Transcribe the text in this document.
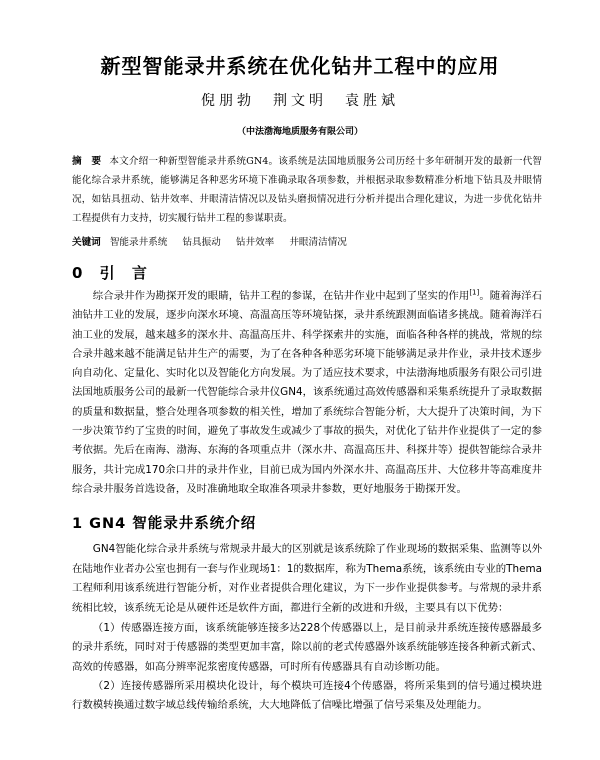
新型智能录井系统在优化钻井工程中的应用
倪朋勃　荆文明　袁胜斌
（中法渤海地质服务有限公司）
摘　要 本文介绍一种新型智能录井系统GN4。该系统是法国地质服务公司历经十多年研制开发的最新一代智能化综合录井系统，能够满足各种恶劣环境下准确录取各项参数，并根据录取参数精准分析地下钻具及井眼情况，如钻具扭动、钻井效率、井眼清洁情况以及钻头磨损情况进行分析并提出合理化建议，为进一步优化钻井工程提供有力支持，切实履行钻井工程的参谋职责。
关键词 智能录井系统 钻具振动 钻井效率 井眼清洁情况
0 引 言
综合录井作为勘探开发的眼睛，钻井工程的参谋，在钻井作业中起到了坚实的作用[1]。随着海洋石油钻井工业的发展，逐步向深水环境、高温高压等环境钻探，录井系统跟测面临诸多挑战。随着海洋石油工业的发展，越来越多的深水井、高温高压井、科学探索井的实施，面临各种各样的挑战，常规的综合录井越来越不能满足钻井生产的需要，为了在各种各种恶劣环境下能够满足录井作业，录井技术逐步向自动化、定量化、实时化以及智能化方向发展。为了适应技术要求，中法渤海地质服务有限公司引进法国地质服务公司的最新一代智能综合录井仪GN4，该系统通过高效传感器和采集系统提升了录取数据的质量和数据量，整合处理各项参数的相关性，增加了系统综合智能分析，大大提升了决策时间，为下一步决策节约了宝贵的时间，避免了事故发生或减少了事故的损失，对优化了钻井作业提供了一定的参考依据。先后在南海、渤海、东海的各项重点井（深水井、高温高压井、科探井等）提供智能综合录井服务，共计完成170余口井的录井作业，目前已成为国内外深水井、高温高压井、大位移井等高难度井综合录井服务首选设备，及时准确地取全取准各项录井参数，更好地服务于勘探开发。
1 GN4 智能录井系统介绍
GN4智能化综合录井系统与常规录井最大的区别就是该系统除了作业现场的数据采集、监测等以外在陆地作业者办公室也拥有一套与作业现场1：1的数据库，称为Thema系统，该系统由专业的Thema工程师利用该系统进行智能分析，对作业者提供合理化建议，为下一步作业提供参考。与常规的录井系统相比较，该系统无论是从硬件还是软件方面，都进行全新的改进和升级，主要具有以下优势：
（1）传感器连接方面，该系统能够连接多达228个传感器以上，是目前录井系统连接传感器最多的录井系统，同时对于传感器的类型更加丰富，除以前的老式传感器外该系统能够连接各种新式新式、高效的传感器，如高分辨率泥浆密度传感器，可时所有传感器具有自动诊断功能。
（2）连接传感器所采用模块化设计，每个模块可连接4个传感器，将所采集到的信号通过模块进行数模转换通过数字域总线传输给系统，大大地降低了信噪比增强了信号采集及处理能力。
